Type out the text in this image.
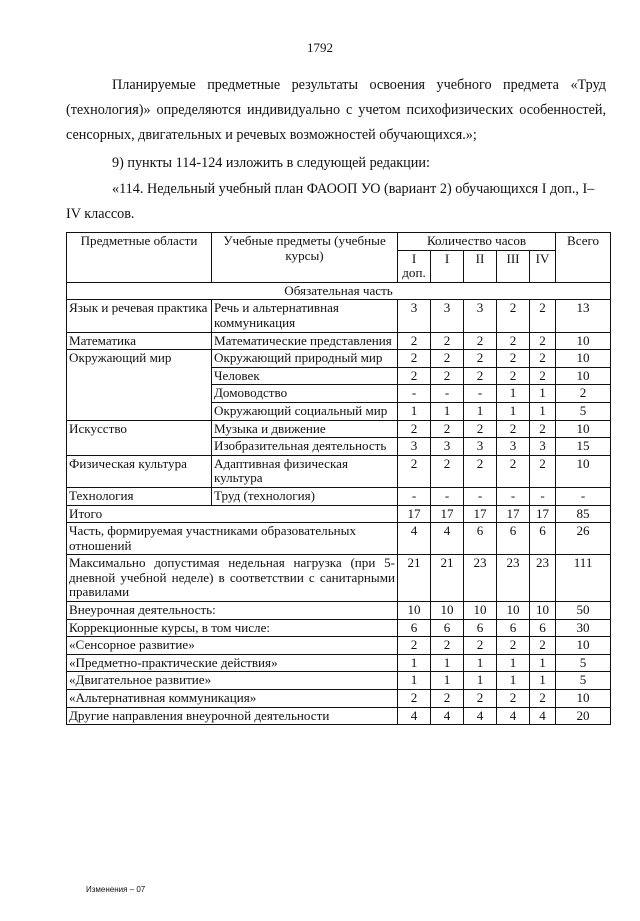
1792
Планируемые предметные результаты освоения учебного предмета «Труд (технология)» определяются индивидуально с учетом психофизических особенностей, сенсорных, двигательных и речевых возможностей обучающихся.»;
9) пункты 114-124 изложить в следующей редакции:
«114. Недельный учебный план ФАООП УО (вариант 2) обучающихся I доп., I–IV классов.
Предметные области	Учебные предметы (учебные курсы)	Количество часов					Всего
		I доп.	I	II	III	IV	
Обязательная часть							
Язык и речевая практика	Речь и альтернативная коммуникация	3	3	3	2	2	13
Математика	Математические представления	2	2	2	2	2	10
Окружающий мир	Окружающий природный мир	2	2	2	2	2	10
	Человек	2	2	2	2	2	10
	Домоводство	-	-	-	1	1	2
	Окружающий социальный мир	1	1	1	1	1	5
Искусство	Музыка и движение	2	2	2	2	2	10
	Изобразительная деятельность	3	3	3	3	3	15
Физическая культура	Адаптивная физическая культура	2	2	2	2	2	10
Технология	Труд (технология)	-	-	-	-	-	-
Итого		17	17	17	17	17	85
Часть, формируемая участниками образовательных отношений		4	4	6	6	6	26
Максимально допустимая недельная нагрузка (при 5-дневной учебной неделе) в соответствии с санитарными правилами		21	21	23	23	23	111
Внеурочная деятельность:		10	10	10	10	10	50
Коррекционные курсы, в том числе:		6	6	6	6	6	30
«Сенсорное развитие»		2	2	2	2	2	10
«Предметно-практические действия»		1	1	1	1	1	5
«Двигательное развитие»		1	1	1	1	1	5
«Альтернативная коммуникация»		2	2	2	2	2	10
Другие направления внеурочной деятельности		4	4	4	4	4	20
Изменения – 07
